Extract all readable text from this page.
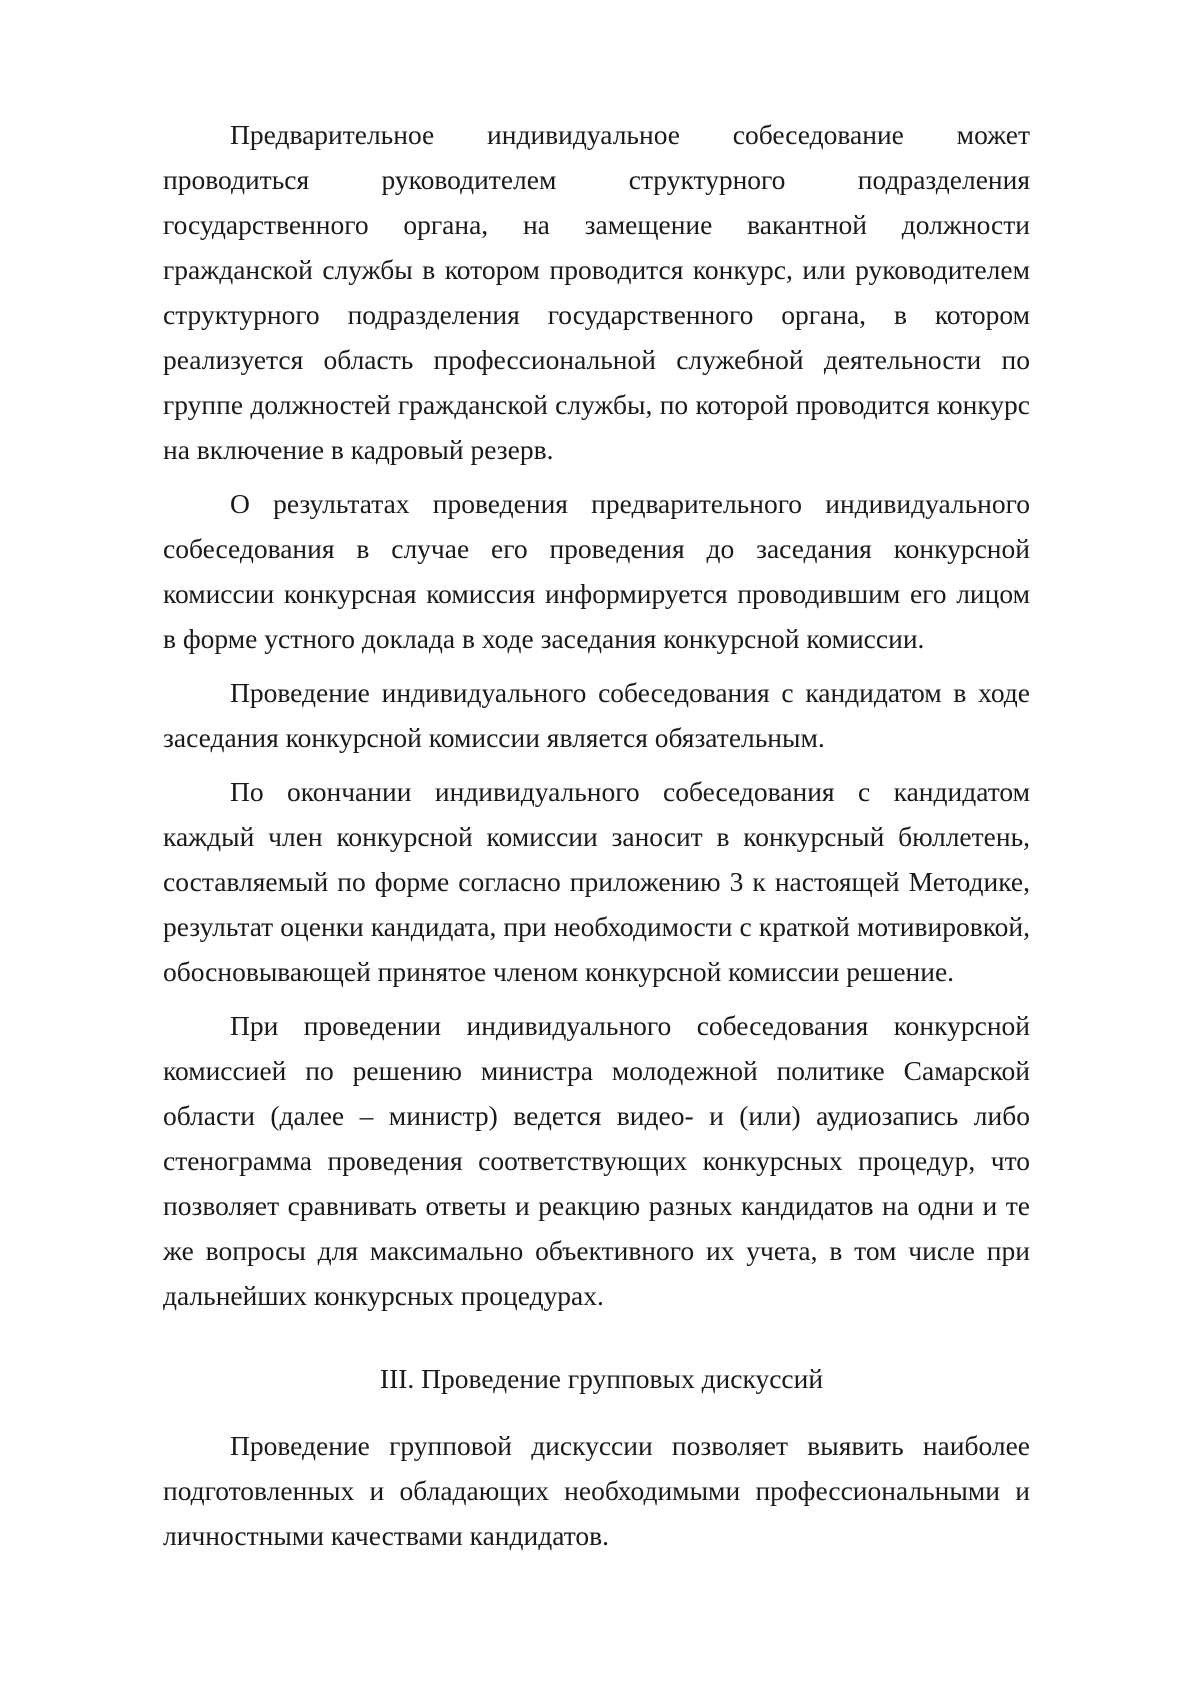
Предварительное индивидуальное собеседование может проводиться руководителем структурного подразделения государственного органа, на замещение вакантной должности гражданской службы в котором проводится конкурс, или руководителем структурного подразделения государственного органа, в котором реализуется область профессиональной служебной деятельности по группе должностей гражданской службы, по которой проводится конкурс на включение в кадровый резерв.

О результатах проведения предварительного индивидуального собеседования в случае его проведения до заседания конкурсной комиссии конкурсная комиссия информируется проводившим его лицом в форме устного доклада в ходе заседания конкурсной комиссии.

Проведение индивидуального собеседования с кандидатом в ходе заседания конкурсной комиссии является обязательным.

По окончании индивидуального собеседования с кандидатом каждый член конкурсной комиссии заносит в конкурсный бюллетень, составляемый по форме согласно приложению 3 к настоящей Методике, результат оценки кандидата, при необходимости с краткой мотивировкой, обосновывающей принятое членом конкурсной комиссии решение.

При проведении индивидуального собеседования конкурсной комиссией по решению министра молодежной политике Самарской области (далее – министр) ведется видео- и (или) аудиозапись либо стенограмма проведения соответствующих конкурсных процедур, что позволяет сравнивать ответы и реакцию разных кандидатов на одни и те же вопросы для максимально объективного их учета, в том числе при дальнейших конкурсных процедурах.

III. Проведение групповых дискуссий

Проведение групповой дискуссии позволяет выявить наиболее подготовленных и обладающих необходимыми профессиональными и личностными качествами кандидатов.
